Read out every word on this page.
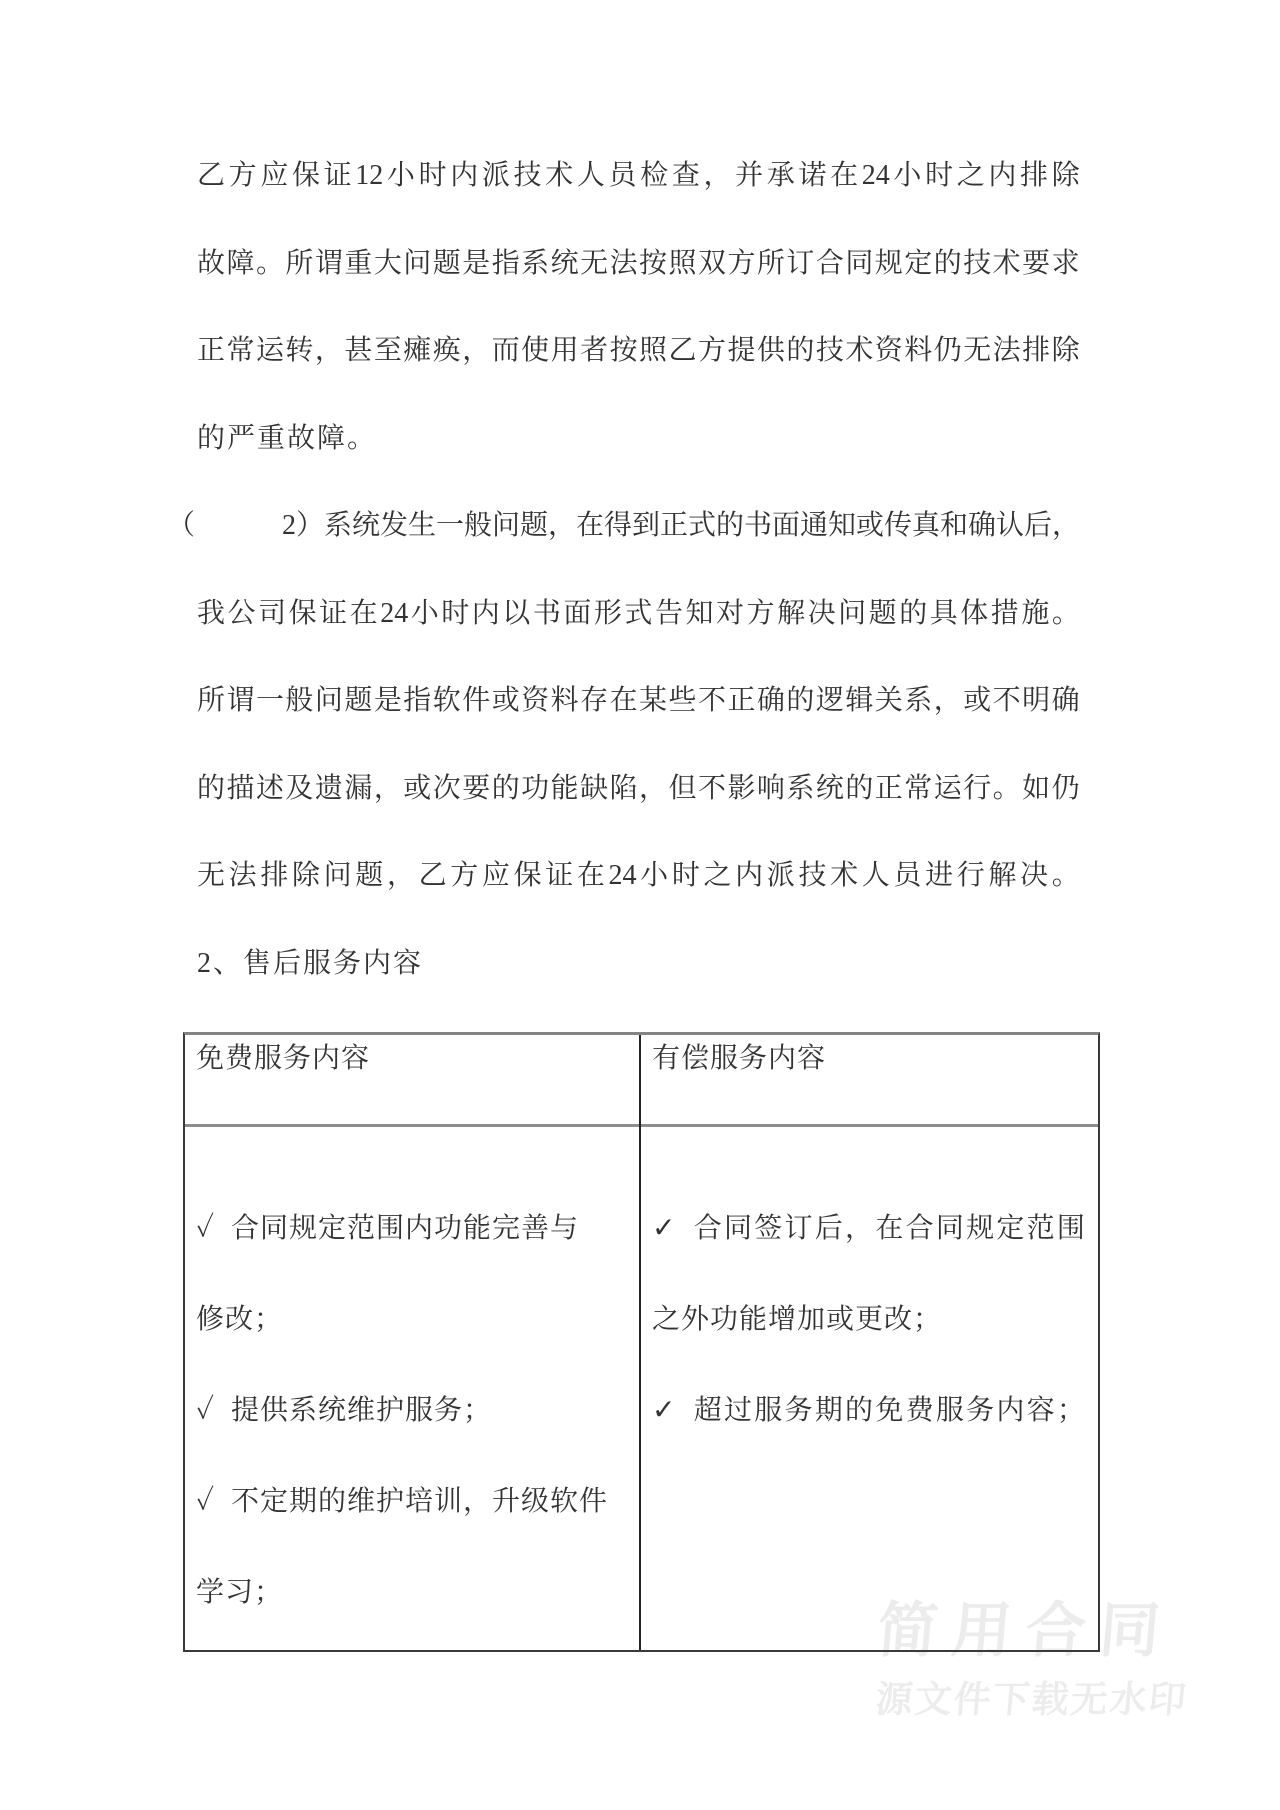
简用合同
源文件下载无水印
乙 方 应 保 证 12 小 时 内 派 技 术 人 员 检 查 ， 并 承 诺 在 24 小 时 之 内 排 除
故 障 。 所 谓 重 大 问 题 是 指 系 统 无 法 按 照 双 方 所 订 合 同 规 定 的 技 术 要 求
正 常 运 转 ， 甚 至 瘫 痪 ， 而 使 用 者 按 照 乙 方 提 供 的 技 术 资 料 仍 无 法 排 除
的严重故障。
（	2）系统发生一般问题，在得到正式的书面通知或传真和确认后，
我 公 司 保 证 在 24 小 时 内 以 书 面 形 式 告 知 对 方 解 决 问 题 的 具 体 措 施 。
所 谓 一 般 问 题 是 指 软 件 或 资 料 存 在 某 些 不 正 确 的 逻 辑 关 系 ， 或 不 明 确
的 描 述 及 遗 漏 ， 或 次 要 的 功 能 缺 陷 ， 但 不 影 响 系 统 的 正 常 运 行 。 如 仍
无 法 排 除 问 题 ， 乙 方 应 保 证 在 24 小 时 之 内 派 技 术 人 员 进 行 解 决 。
2、售后服务内容
免费服务内容	有偿服务内容
✓  合同规定范围内功能完善与
修改；
✓  提供系统维护服务；
✓  不定期的维护培训，升级软件
学习；
✓ 合 同 签 订 后 ， 在 合 同 规 定 范 围
之外功能增加或更改；
✓ 超 过 服 务 期 的 免 费 服 务 内 容 ；
